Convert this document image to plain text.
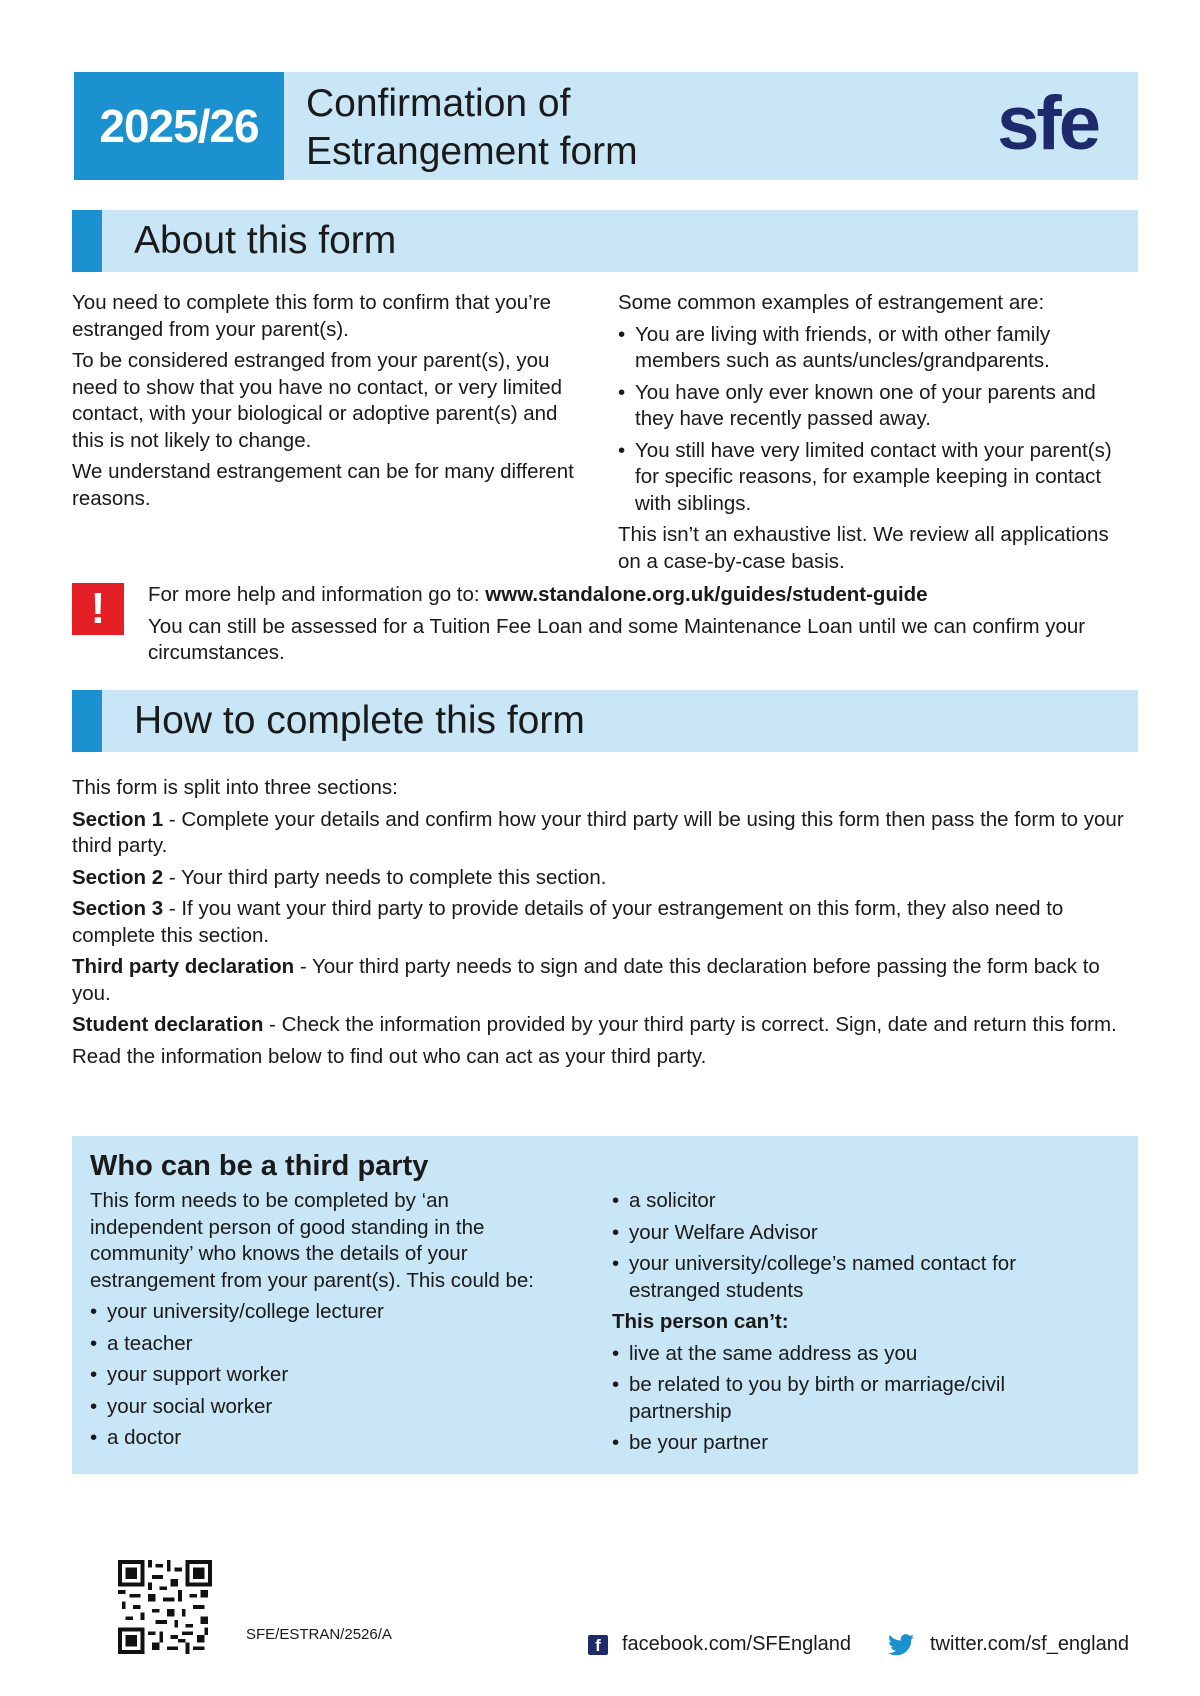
2025/26	Confirmation of
Estrangement form	sfe
About this form

You need to complete this form to confirm that you’re estranged from your parent(s).

To be considered estranged from your parent(s), you need to show that you have no contact, or very limited contact, with your biological or adoptive parent(s) and this is not likely to change.

We understand estrangement can be for many different reasons.

Some common examples of estrangement are:

• You are living with friends, or with other family members such as aunts/uncles/grandparents.
• You have only ever known one of your parents and they have recently passed away.
• You still have very limited contact with your parent(s) for specific reasons, for example keeping in contact with siblings.

This isn’t an exhaustive list. We review all applications on a case-by-case basis.

!	For more help and information go to: www.standalone.org.uk/guides/student-guide

You can still be assessed for a Tuition Fee Loan and some Maintenance Loan until we can confirm your circumstances.

How to complete this form

This form is split into three sections:

Section 1 - Complete your details and confirm how your third party will be using this form then pass the form to your third party.

Section 2 - Your third party needs to complete this section.

Section 3 - If you want your third party to provide details of your estrangement on this form, they also need to complete this section.

Third party declaration - Your third party needs to sign and date this declaration before passing the form back to you.

Student declaration - Check the information provided by your third party is correct. Sign, date and return this form.

Read the information below to find out who can act as your third party.

Who can be a third party

This form needs to be completed by ‘an independent person of good standing in the community’ who knows the details of your estrangement from your parent(s). This could be:

• your university/college lecturer
• a teacher
• your support worker
• your social worker
• a doctor
• a solicitor
• your Welfare Advisor
• your university/college’s named contact for estranged students

This person can’t:

• live at the same address as you
• be related to you by birth or marriage/civil partnership
• be your partner
SFE/ESTRAN/2526/A
f	facebook.com/SFEngland	twitter.com/sf_england
